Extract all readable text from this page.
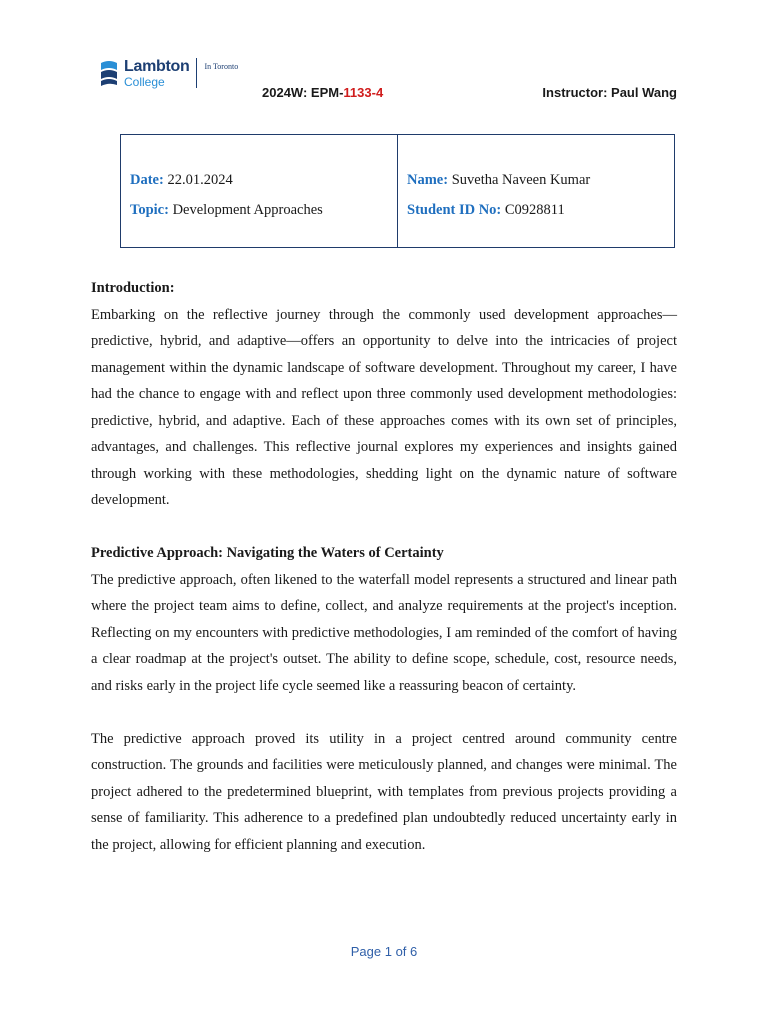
Lambton
College
In Toronto
2024W: EPM-1133-4	Instructor: Paul Wang
Date: 22.01.2024
Topic: Development Approaches
Name: Suvetha Naveen Kumar
Student ID No: C0928811
Introduction:

Embarking on the reflective journey through the commonly used development approaches—predictive, hybrid, and adaptive—offers an opportunity to delve into the intricacies of project management within the dynamic landscape of software development. Throughout my career, I have had the chance to engage with and reflect upon three commonly used development methodologies: predictive, hybrid, and adaptive. Each of these approaches comes with its own set of principles, advantages, and challenges. This reflective journal explores my experiences and insights gained through working with these methodologies, shedding light on the dynamic nature of software development.

Predictive Approach: Navigating the Waters of Certainty

The predictive approach, often likened to the waterfall model represents a structured and linear path where the project team aims to define, collect, and analyze requirements at the project's inception. Reflecting on my encounters with predictive methodologies, I am reminded of the comfort of having a clear roadmap at the project's outset. The ability to define scope, schedule, cost, resource needs, and risks early in the project life cycle seemed like a reassuring beacon of certainty.

The predictive approach proved its utility in a project centred around community centre construction. The grounds and facilities were meticulously planned, and changes were minimal. The project adhered to the predetermined blueprint, with templates from previous projects providing a sense of familiarity. This adherence to a predefined plan undoubtedly reduced uncertainty early in the project, allowing for efficient planning and execution.

Page 1 of 6
